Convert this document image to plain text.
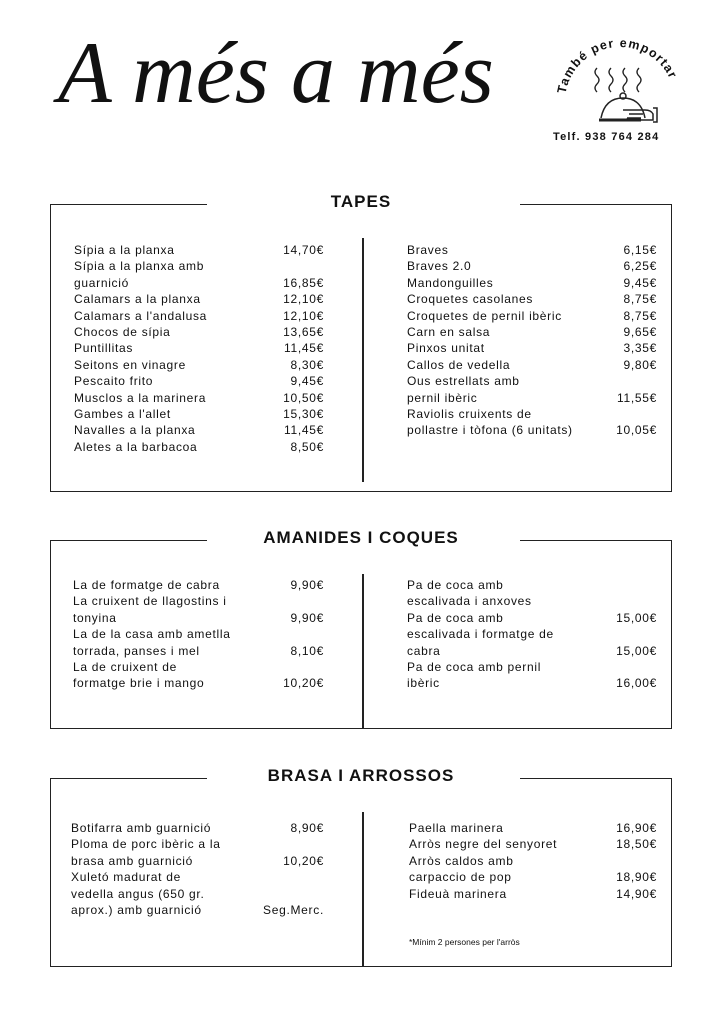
A més a més	També per emportar
Telf. 938 764 284
TAPES
Sípia a la planxa	14,70€
Sípia a la planxa amb
guarnició	16,85€
Calamars a la planxa	12,10€
Calamars a l'andalusa	12,10€
Chocos de sípia	13,65€
Puntillitas	11,45€
Seitons en vinagre	8,30€
Pescaito frito	9,45€
Musclos a la marinera	10,50€
Gambes a l'allet	15,30€
Navalles a la planxa	11,45€
Aletes a la barbacoa	8,50€
Braves	6,15€
Braves 2.0	6,25€
Mandonguilles	9,45€
Croquetes casolanes	8,75€
Croquetes de pernil ibèric	8,75€
Carn en salsa	9,65€
Pinxos unitat	3,35€
Callos de vedella	9,80€
Ous estrellats amb
pernil ibèric	11,55€
Raviolis cruixents de
pollastre i tòfona (6 unitats)	10,05€
AMANIDES I COQUES
La de formatge de cabra	9,90€
La cruixent de llagostins i
tonyina	9,90€
La de la casa amb ametlla
torrada, panses i mel	8,10€
La de cruixent de
formatge brie i mango	10,20€
Pa de coca amb
escalivada i anxoves
Pa de coca amb	15,00€
escalivada i formatge de
cabra	15,00€
Pa de coca amb pernil
ibèric	16,00€
BRASA I ARROSSOS
Botifarra amb guarnició	8,90€
Ploma de porc ibèric a la
brasa amb guarnició	10,20€
Xuletó madurat de
vedella angus (650 gr.
aprox.) amb guarnició	Seg.Merc.
Paella marinera	16,90€
Arròs negre del senyoret	18,50€
Arròs caldos amb
carpaccio de pop	18,90€
Fideuà marinera	14,90€
*Mínim 2 persones per l'arròs
